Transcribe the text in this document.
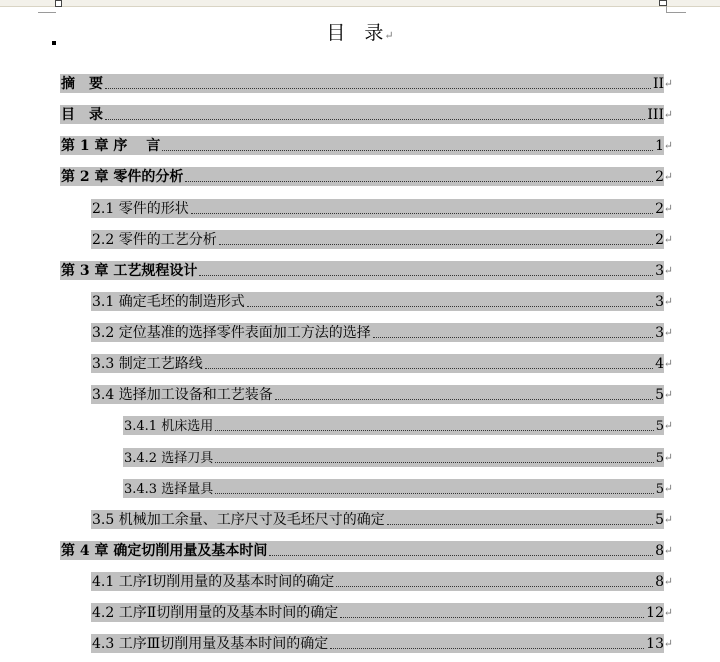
目　录↵
摘　要	II ↵
目　录	III ↵
第 1 章 序　 言	1 ↵
第 2 章 零件的分析	2 ↵
2.1 零件的形状	2 ↵
2.2 零件的工艺分析	2 ↵
第 3 章 工艺规程设计	3 ↵
3.1 确定毛坯的制造形式	3 ↵
3.2 定位基准的选择零件表面加工方法的选择	3 ↵
3.3 制定工艺路线	4 ↵
3.4 选择加工设备和工艺装备	5 ↵
3.4.1 机床选用	5 ↵
3.4.2 选择刀具	5 ↵
3.4.3 选择量具	5 ↵
3.5 机械加工余量、工序尺寸及毛坯尺寸的确定	5 ↵
第 4 章 确定切削用量及基本时间	8 ↵
4.1 工序Ⅰ切削用量的及基本时间的确定	8 ↵
4.2 工序Ⅱ切削用量的及基本时间的确定	12 ↵
4.3 工序Ⅲ切削用量及基本时间的确定	13 ↵
